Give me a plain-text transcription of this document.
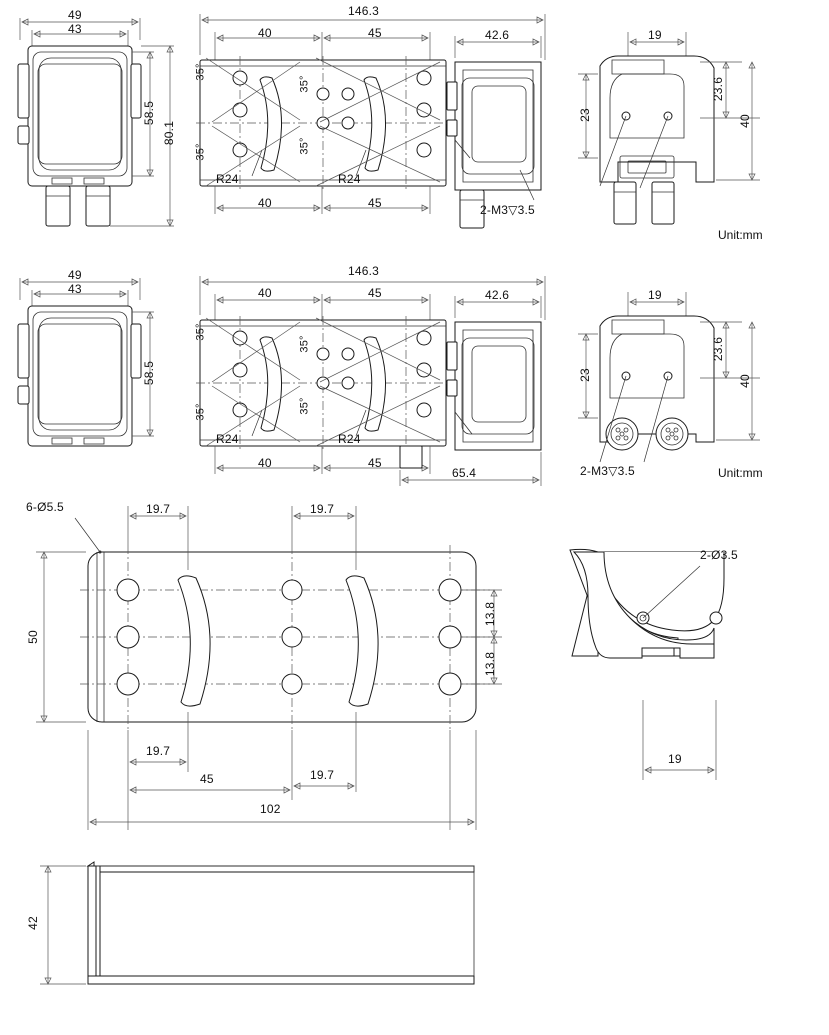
49
43
58.5
80.1
146.3
40	45
40	45
35°
35°
35°
35°
R24	R24
42.6
2-M3▽3.5
19
23
23.6
40
Unit:mm
49
43
58.5
146.3
40	45
40	45
35°
35°
35°
35°
R24	R24
42.6
65.4
19
23
23.6
40
2-M3▽3.5	Unit:mm
6-Ø5.5	19.7	19.7
50
13.8
13.8
19.7
45	19.7
102
2-Ø3.5
19
42
